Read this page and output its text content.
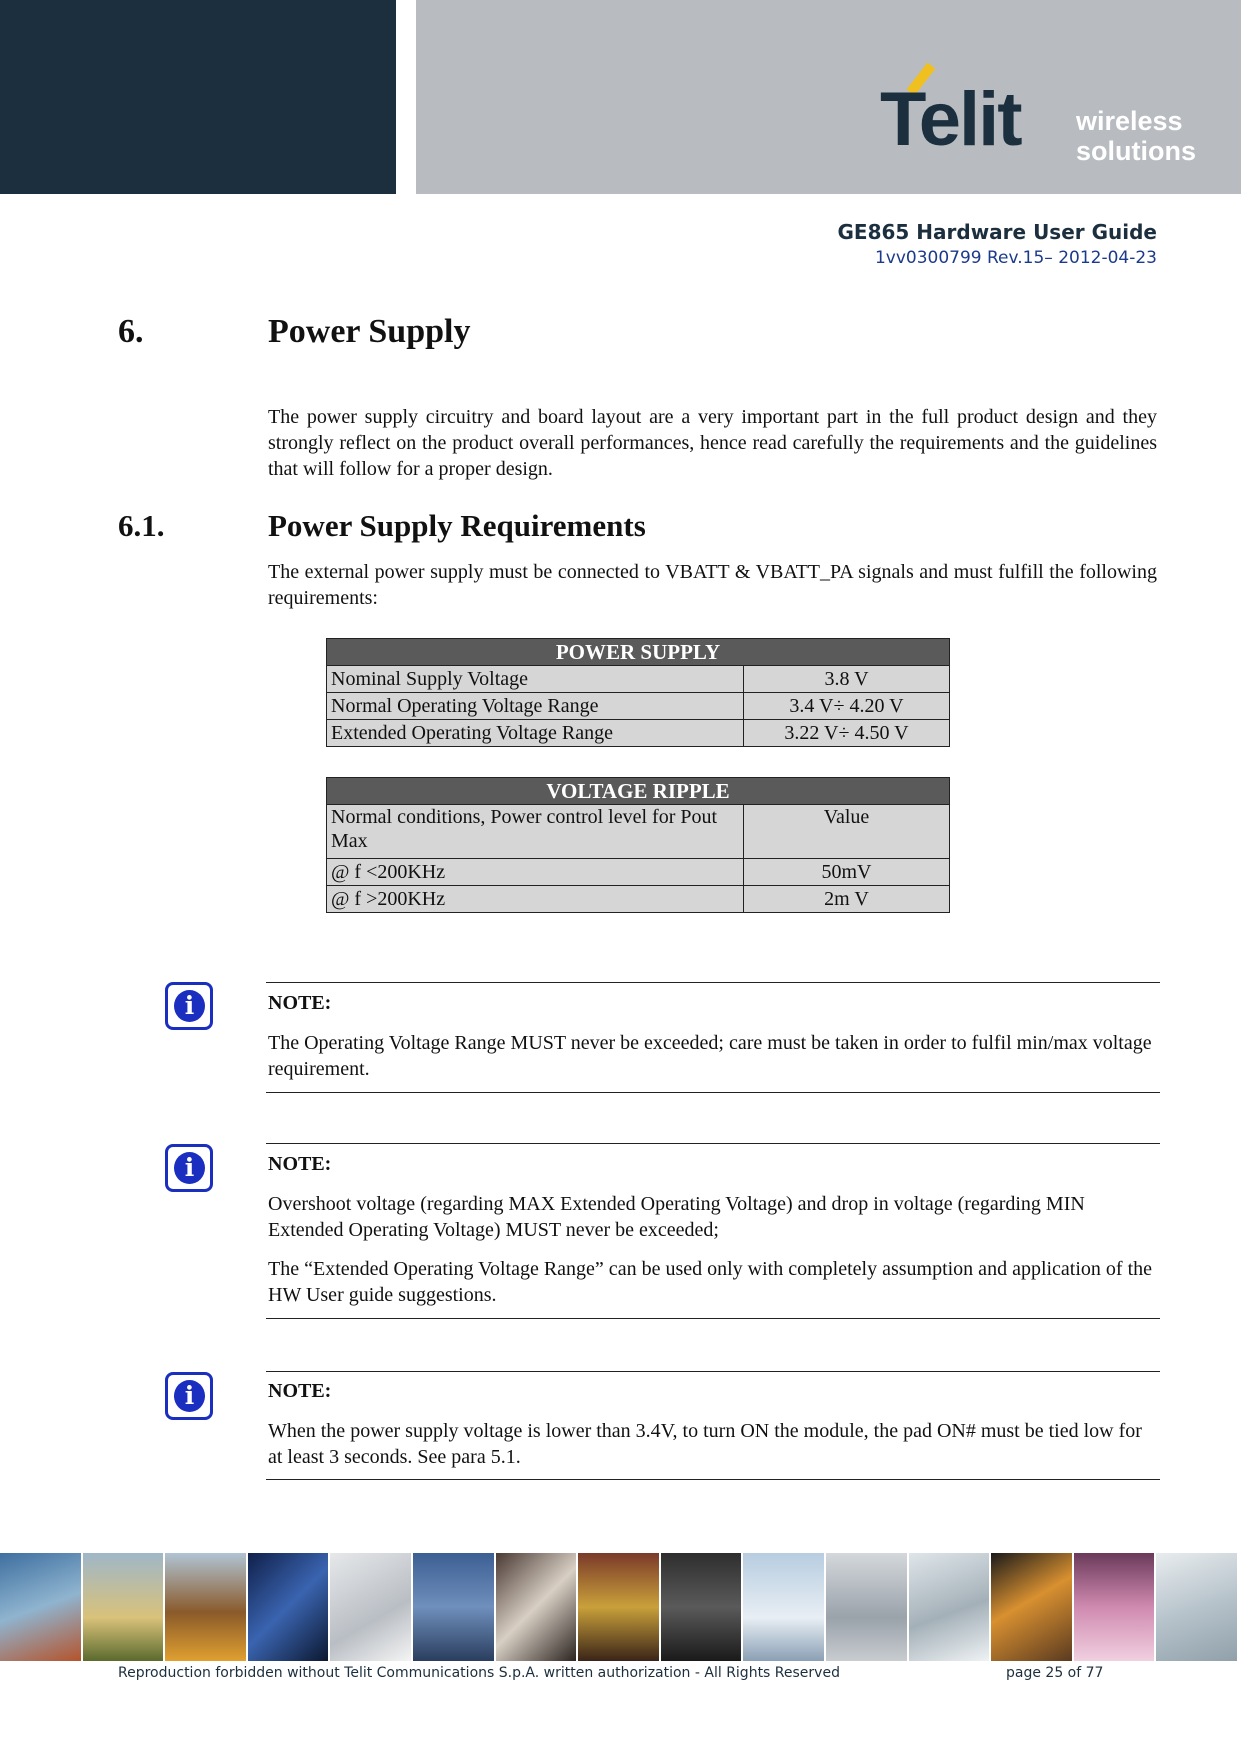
Telit wireless
solutions
GE865 Hardware User Guide
1vv0300799 Rev.15– 2012-04-23
6.	Power Supply

The power supply circuitry and board layout are a very important part in the full product design and they strongly reflect on the product overall performances, hence read carefully the requirements and the guidelines that will follow for a proper design.

6.1.	Power Supply Requirements

The external power supply must be connected to VBATT & VBATT_PA signals and must fulfill the following requirements:

POWER SUPPLY	
Nominal Supply Voltage	3.8 V
Normal Operating Voltage Range	3.4 V÷ 4.20 V
Extended Operating Voltage Range	3.22 V÷ 4.50 V
VOLTAGE RIPPLE	
Normal conditions, Power control level for Pout Max	Value
@ f <200KHz	50mV
@ f >200KHz	2m V
i	NOTE:

The Operating Voltage Range MUST never be exceeded; care must be taken in order to fulfil min/max voltage requirement.

i	NOTE:

Overshoot voltage (regarding MAX Extended Operating Voltage) and drop in voltage (regarding MIN Extended Operating Voltage) MUST never be exceeded;

The “Extended Operating Voltage Range” can be used only with completely assumption and application of the HW User guide suggestions.

i	NOTE:

When the power supply voltage is lower than 3.4V, to turn ON the module, the pad ON# must be tied low for at least 3 seconds. See para 5.1.

Reproduction forbidden without Telit Communications S.p.A. written authorization - All Rights Reserved	page 25 of 77
